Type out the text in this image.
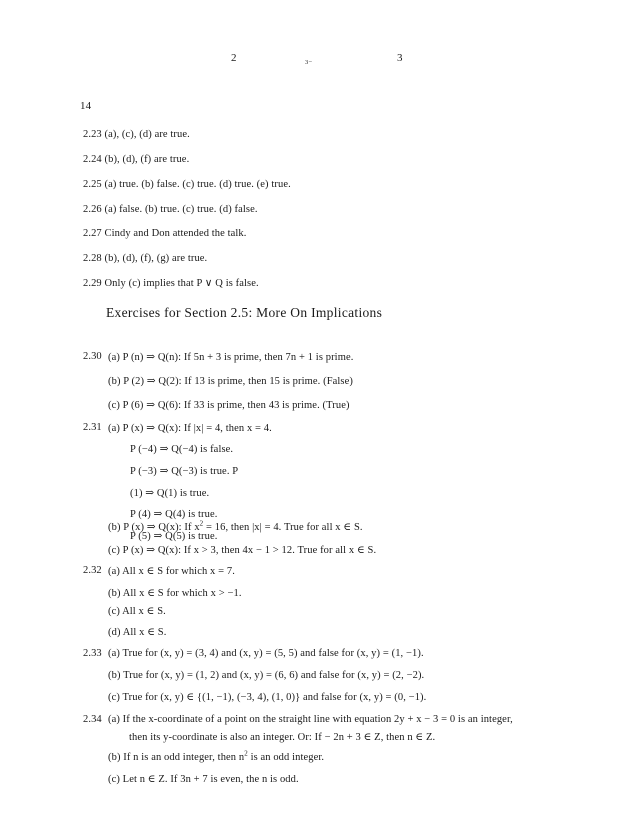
2	3−	3
14
2.23 (a), (c), (d) are true.
2.24 (b), (d), (f) are true.
2.25 (a) true. (b) false. (c) true. (d) true. (e) true.
2.26 (a) false. (b) true. (c) true. (d) false.
2.27 Cindy and Don attended the talk.
2.28 (b), (d), (f), (g) are true.
2.29 Only (c) implies that P ∨ Q is false.
Exercises for Section 2.5: More On Implications
2.30 (a) P (n) ⇒ Q(n): If 5n + 3 is prime, then 7n + 1 is prime.
(b) P (2) ⇒ Q(2): If 13 is prime, then 15 is prime. (False)
(c) P (6) ⇒ Q(6): If 33 is prime, then 43 is prime. (True)
2.31 (a) P (x) ⇒ Q(x): If |x| = 4, then x = 4.
P (−4) ⇒ Q(−4) is false.
P (−3) ⇒ Q(−3) is true. P
(1) ⇒ Q(1) is true.
P (4) ⇒ Q(4) is true.
P (5) ⇒ Q(5) is true.
(b) P (x) ⇒ Q(x): If $x^2 = 16$, then |x| = 4. True for all x ∈ S.
(c) P (x) ⇒ Q(x): If x > 3, then 4x − 1 > 12. True for all x ∈ S.
2.32 (a) All x ∈ S for which x = 7.
(b) All x ∈ S for which x > −1.
(c) All x ∈ S.
(d) All x ∈ S.
2.33 (a) True for (x, y) = (3, 4) and (x, y) = (5, 5) and false for (x, y) = (1, −1).
(b) True for (x, y) = (1, 2) and (x, y) = (6, 6) and false for (x, y) = (2, −2).
(c) True for (x, y) ∈ {(1, −1), (−3, 4), (1, 0)} and false for (x, y) = (0, −1).
2.34 (a) If the x-coordinate of a point on the straight line with equation 2y + x − 3 = 0 is an integer,
then its y-coordinate is also an integer. Or: If − 2n + 3 ∈ Z, then n ∈ Z.
(b) If n is an odd integer, then $n^2$ is an odd integer.
(c) Let n ∈ Z. If 3n + 7 is even, the n is odd.
